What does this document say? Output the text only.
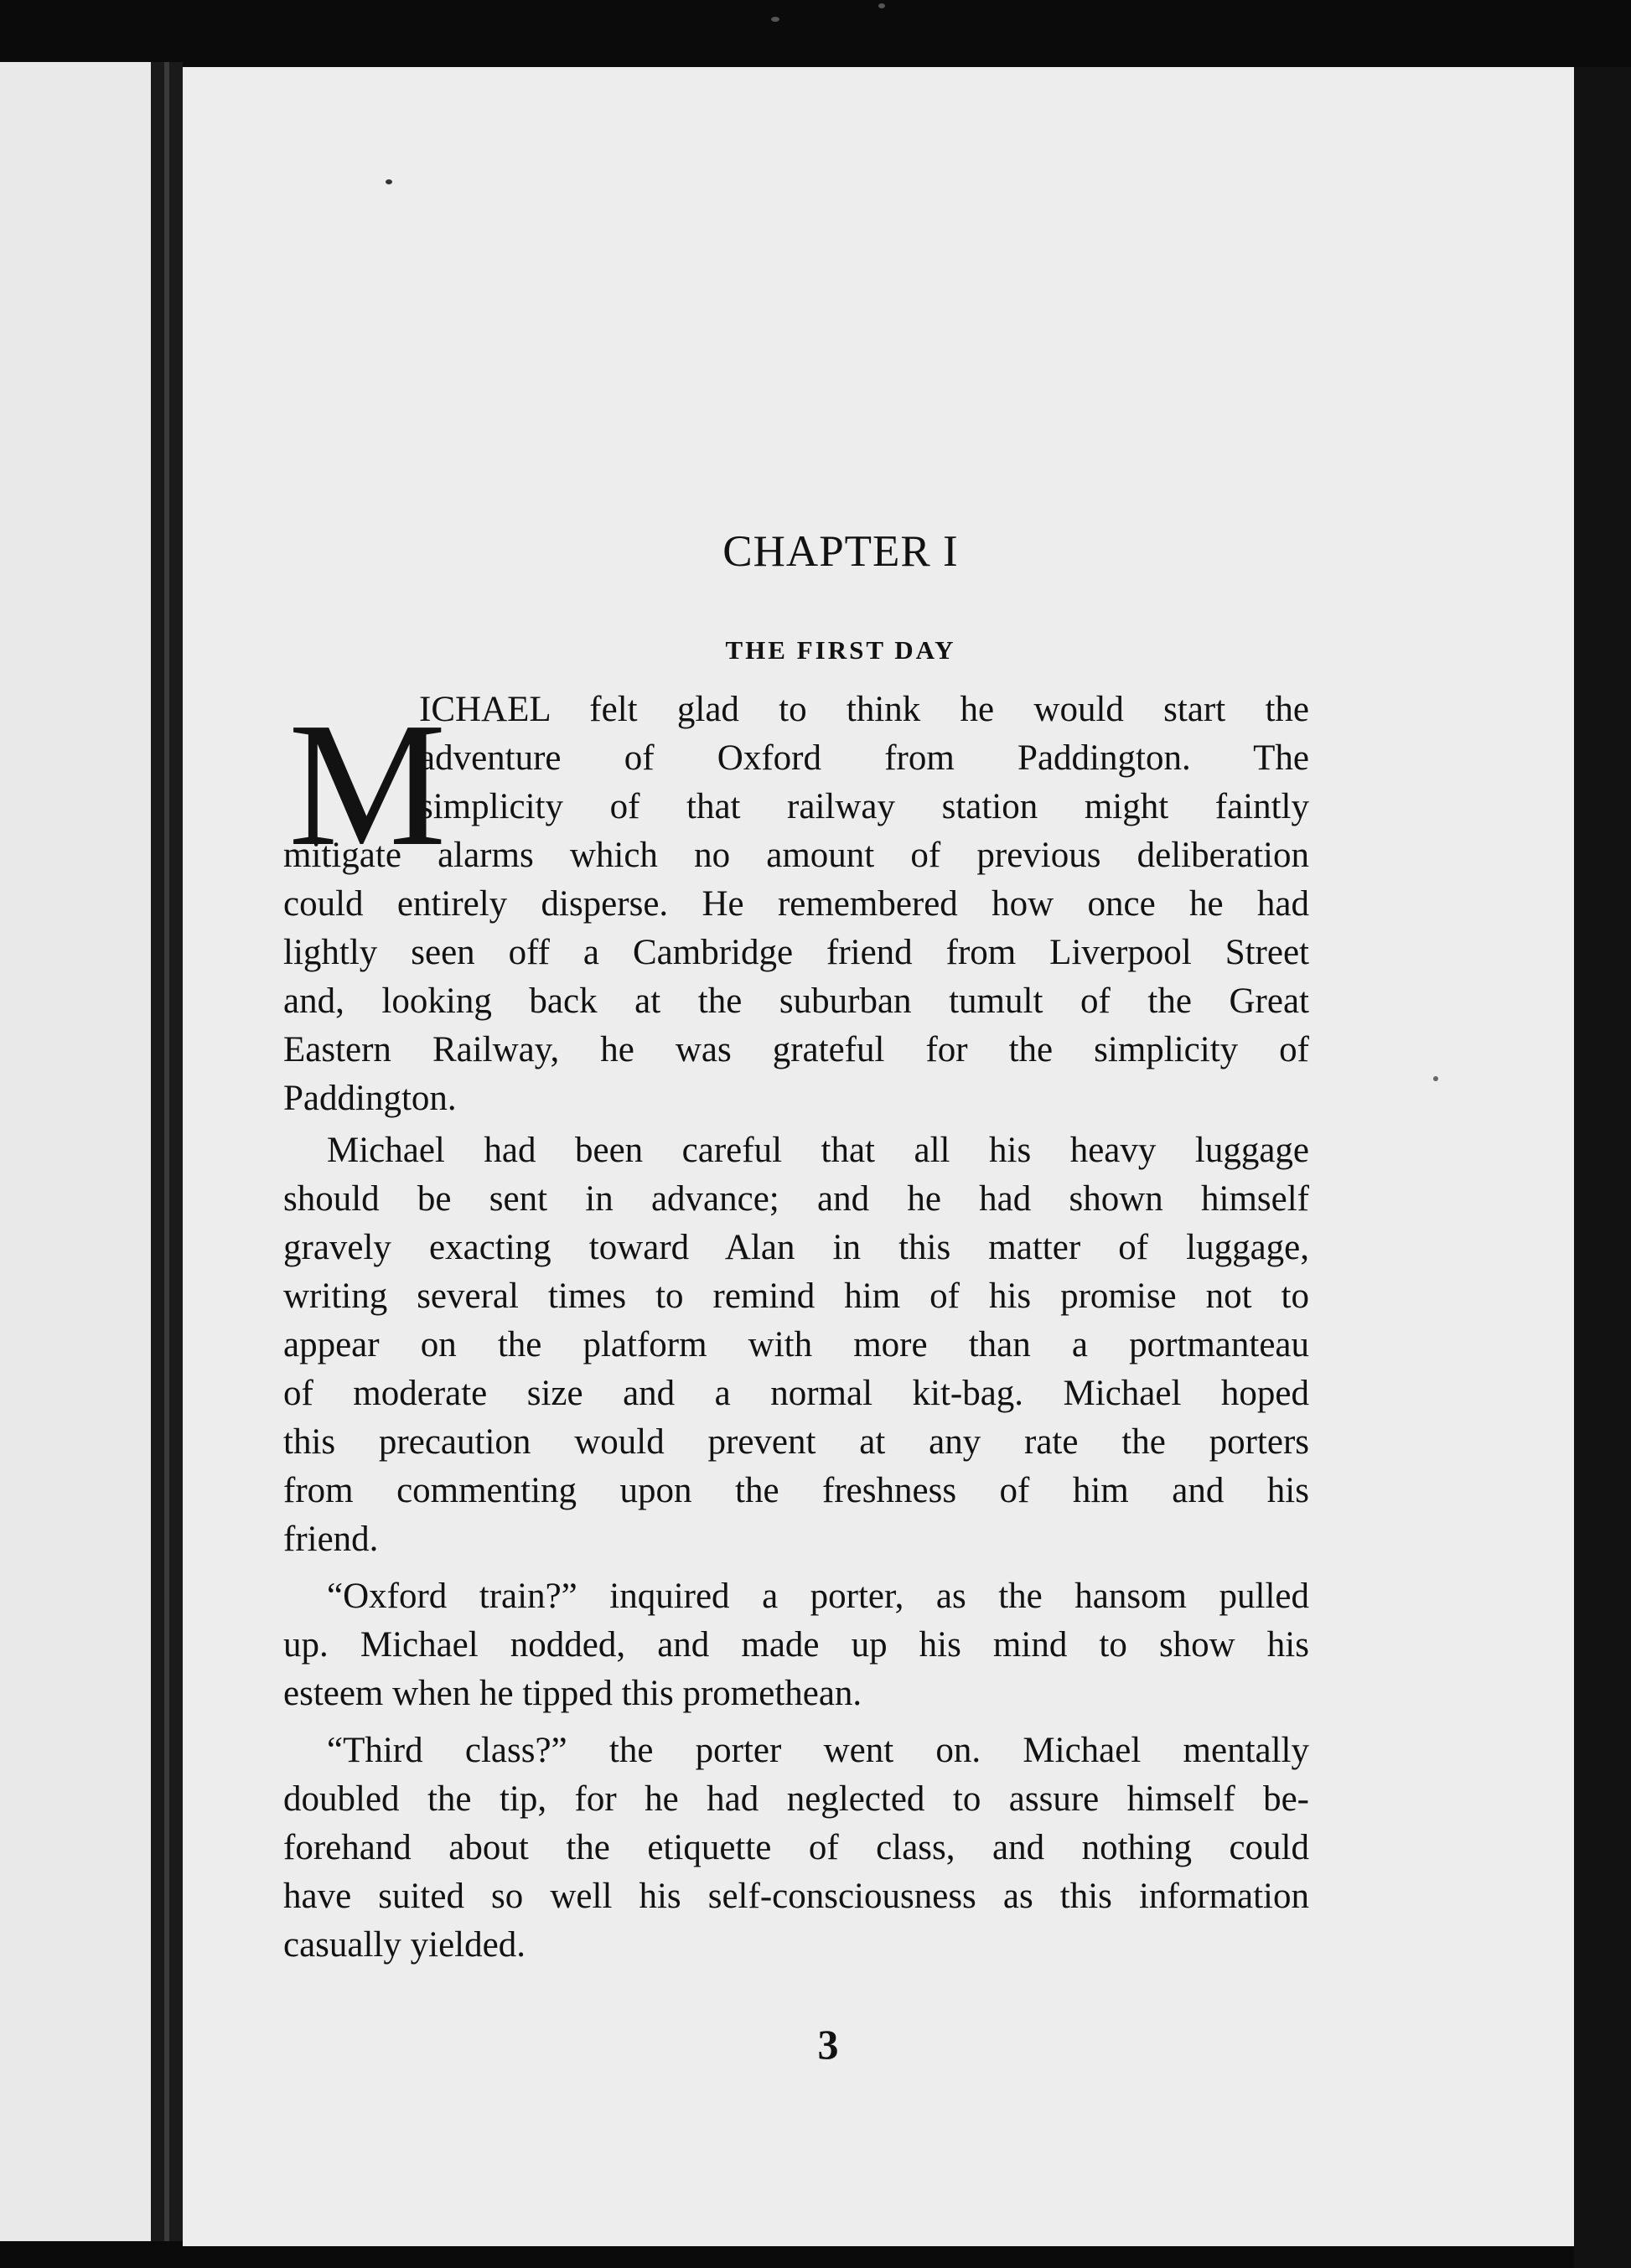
CHAPTER I
THE FIRST DAY
M
ICHAEL felt glad to think he would start the
adventure of Oxford from Paddington. The
simplicity of that railway station might faintly
mitigate alarms which no amount of previous deliberation
could entirely disperse. He remembered how once he had
lightly seen off a Cambridge friend from Liverpool Street
and, looking back at the suburban tumult of the Great
Eastern Railway, he was grateful for the simplicity of
Paddington.
Michael had been careful that all his heavy luggage
should be sent in advance; and he had shown himself
gravely exacting toward Alan in this matter of luggage,
writing several times to remind him of his promise not to
appear on the platform with more than a portmanteau
of moderate size and a normal kit-bag. Michael hoped
this precaution would prevent at any rate the porters
from commenting upon the freshness of him and his
friend.
“Oxford train?” inquired a porter, as the hansom pulled
up. Michael nodded, and made up his mind to show his
esteem when he tipped this promethean.
“Third class?” the porter went on. Michael mentally
doubled the tip, for he had neglected to assure himself be-
forehand about the etiquette of class, and nothing could
have suited so well his self-consciousness as this information
casually yielded.
3
